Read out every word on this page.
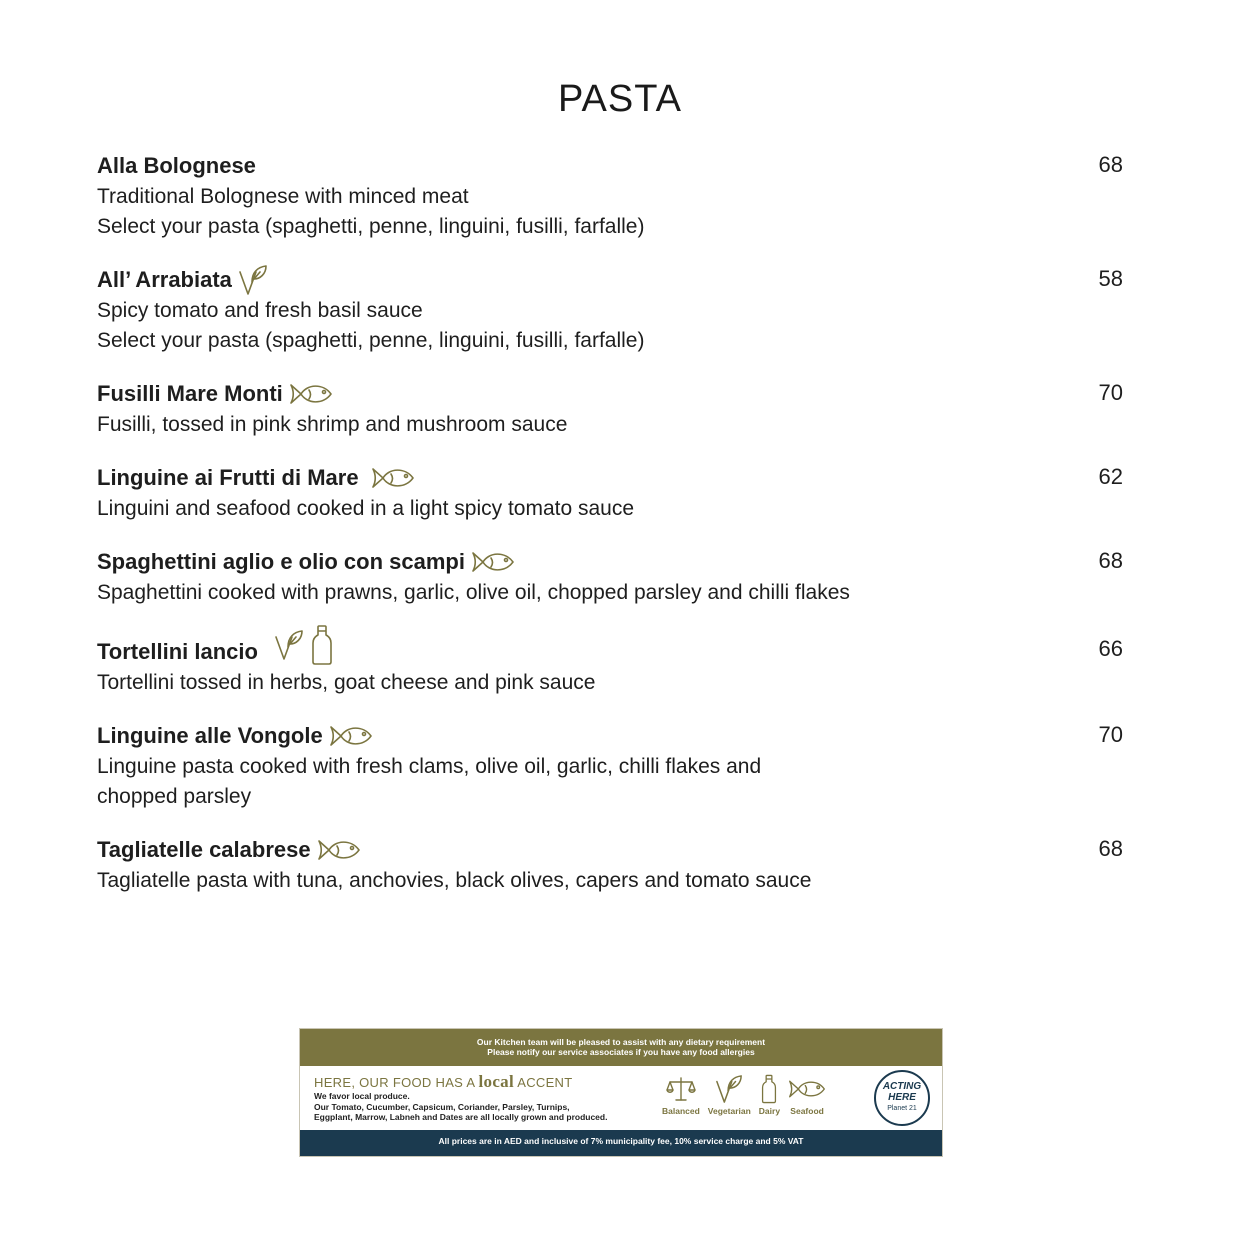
PASTA
Alla Bolognese	68
Traditional Bolognese with minced meat
Select your pasta (spaghetti, penne, linguini, fusilli, farfalle)
All’ Arrabiata	58
Spicy tomato and fresh basil sauce
Select your pasta (spaghetti, penne, linguini, fusilli, farfalle)
Fusilli Mare Monti	70
Fusilli, tossed in pink shrimp and mushroom sauce
Linguine ai Frutti di Mare	62
Linguini and seafood cooked in a light spicy tomato sauce
Spaghettini aglio e olio con scampi	68
Spaghettini cooked with prawns, garlic, olive oil, chopped parsley and chilli flakes
Tortellini lancio	66
Tortellini tossed in herbs, goat cheese and pink sauce
Linguine alle Vongole	70
Linguine pasta cooked with fresh clams, olive oil, garlic, chilli flakes and
chopped parsley
Tagliatelle calabrese	68
Tagliatelle pasta with tuna, anchovies, black olives, capers and tomato sauce
Our Kitchen team will be pleased to assist with any dietary requirement
Please notify our service associates if you have any food allergies
HERE, OUR FOOD HAS A local ACCENT
We favor local produce.
Our Tomato, Cucumber, Capsicum, Coriander, Parsley, Turnips,
Eggplant, Marrow, Labneh and Dates are all locally grown and produced.
Balanced Vegetarian Dairy Seafood
ACTING
HERE
Planet 21
All prices are in AED and inclusive of 7% municipality fee, 10% service charge and 5% VAT
